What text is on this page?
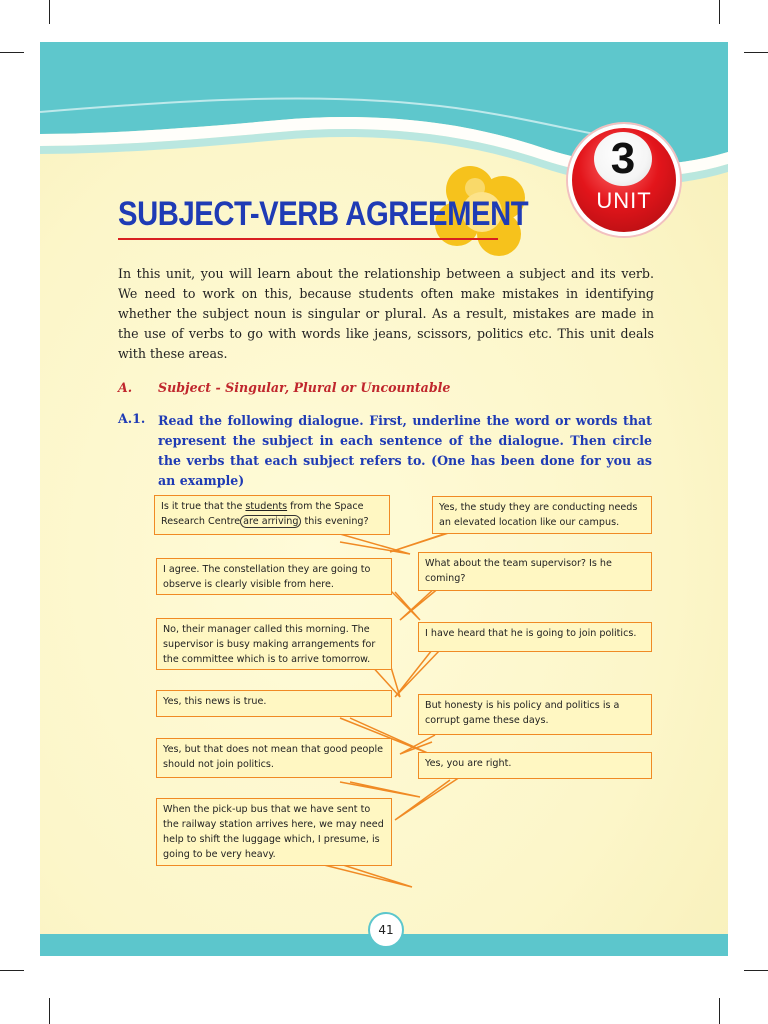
3
UNIT
SUBJECT-VERB AGREEMENT
In this unit, you will learn about the relationship between a subject and its verb. We need to work on this, because students often make mistakes in identifying whether the subject noun is singular or plural. As a result, mistakes are made in the use of verbs to go with words like jeans, scissors, politics etc. This unit deals with these areas.
A. Subject - Singular, Plural or Uncountable
A.1. Read the following dialogue. First, underline the word or words that represent the subject in each sentence of the dialogue. Then circle the verbs that each subject refers to. (One has been done for you as an example)
Is it true that the students from the Space Research Centre are arriving this evening?
Yes, the study they are conducting needs an elevated location like our campus.
I agree. The constellation they are going to observe is clearly visible from here.
What about the team supervisor? Is he coming?
No, their manager called this morning. The supervisor is busy making arrangements for the committee which is to arrive tomorrow.
I have heard that he is going to join politics.
Yes, this news is true.	But honesty is his policy and politics is a corrupt game these days.
Yes, but that does not mean that good people should not join politics.	Yes, you are right.
When the pick-up bus that we have sent to the railway station arrives here, we may need help to shift the luggage which, I presume, is going to be very heavy.
41
